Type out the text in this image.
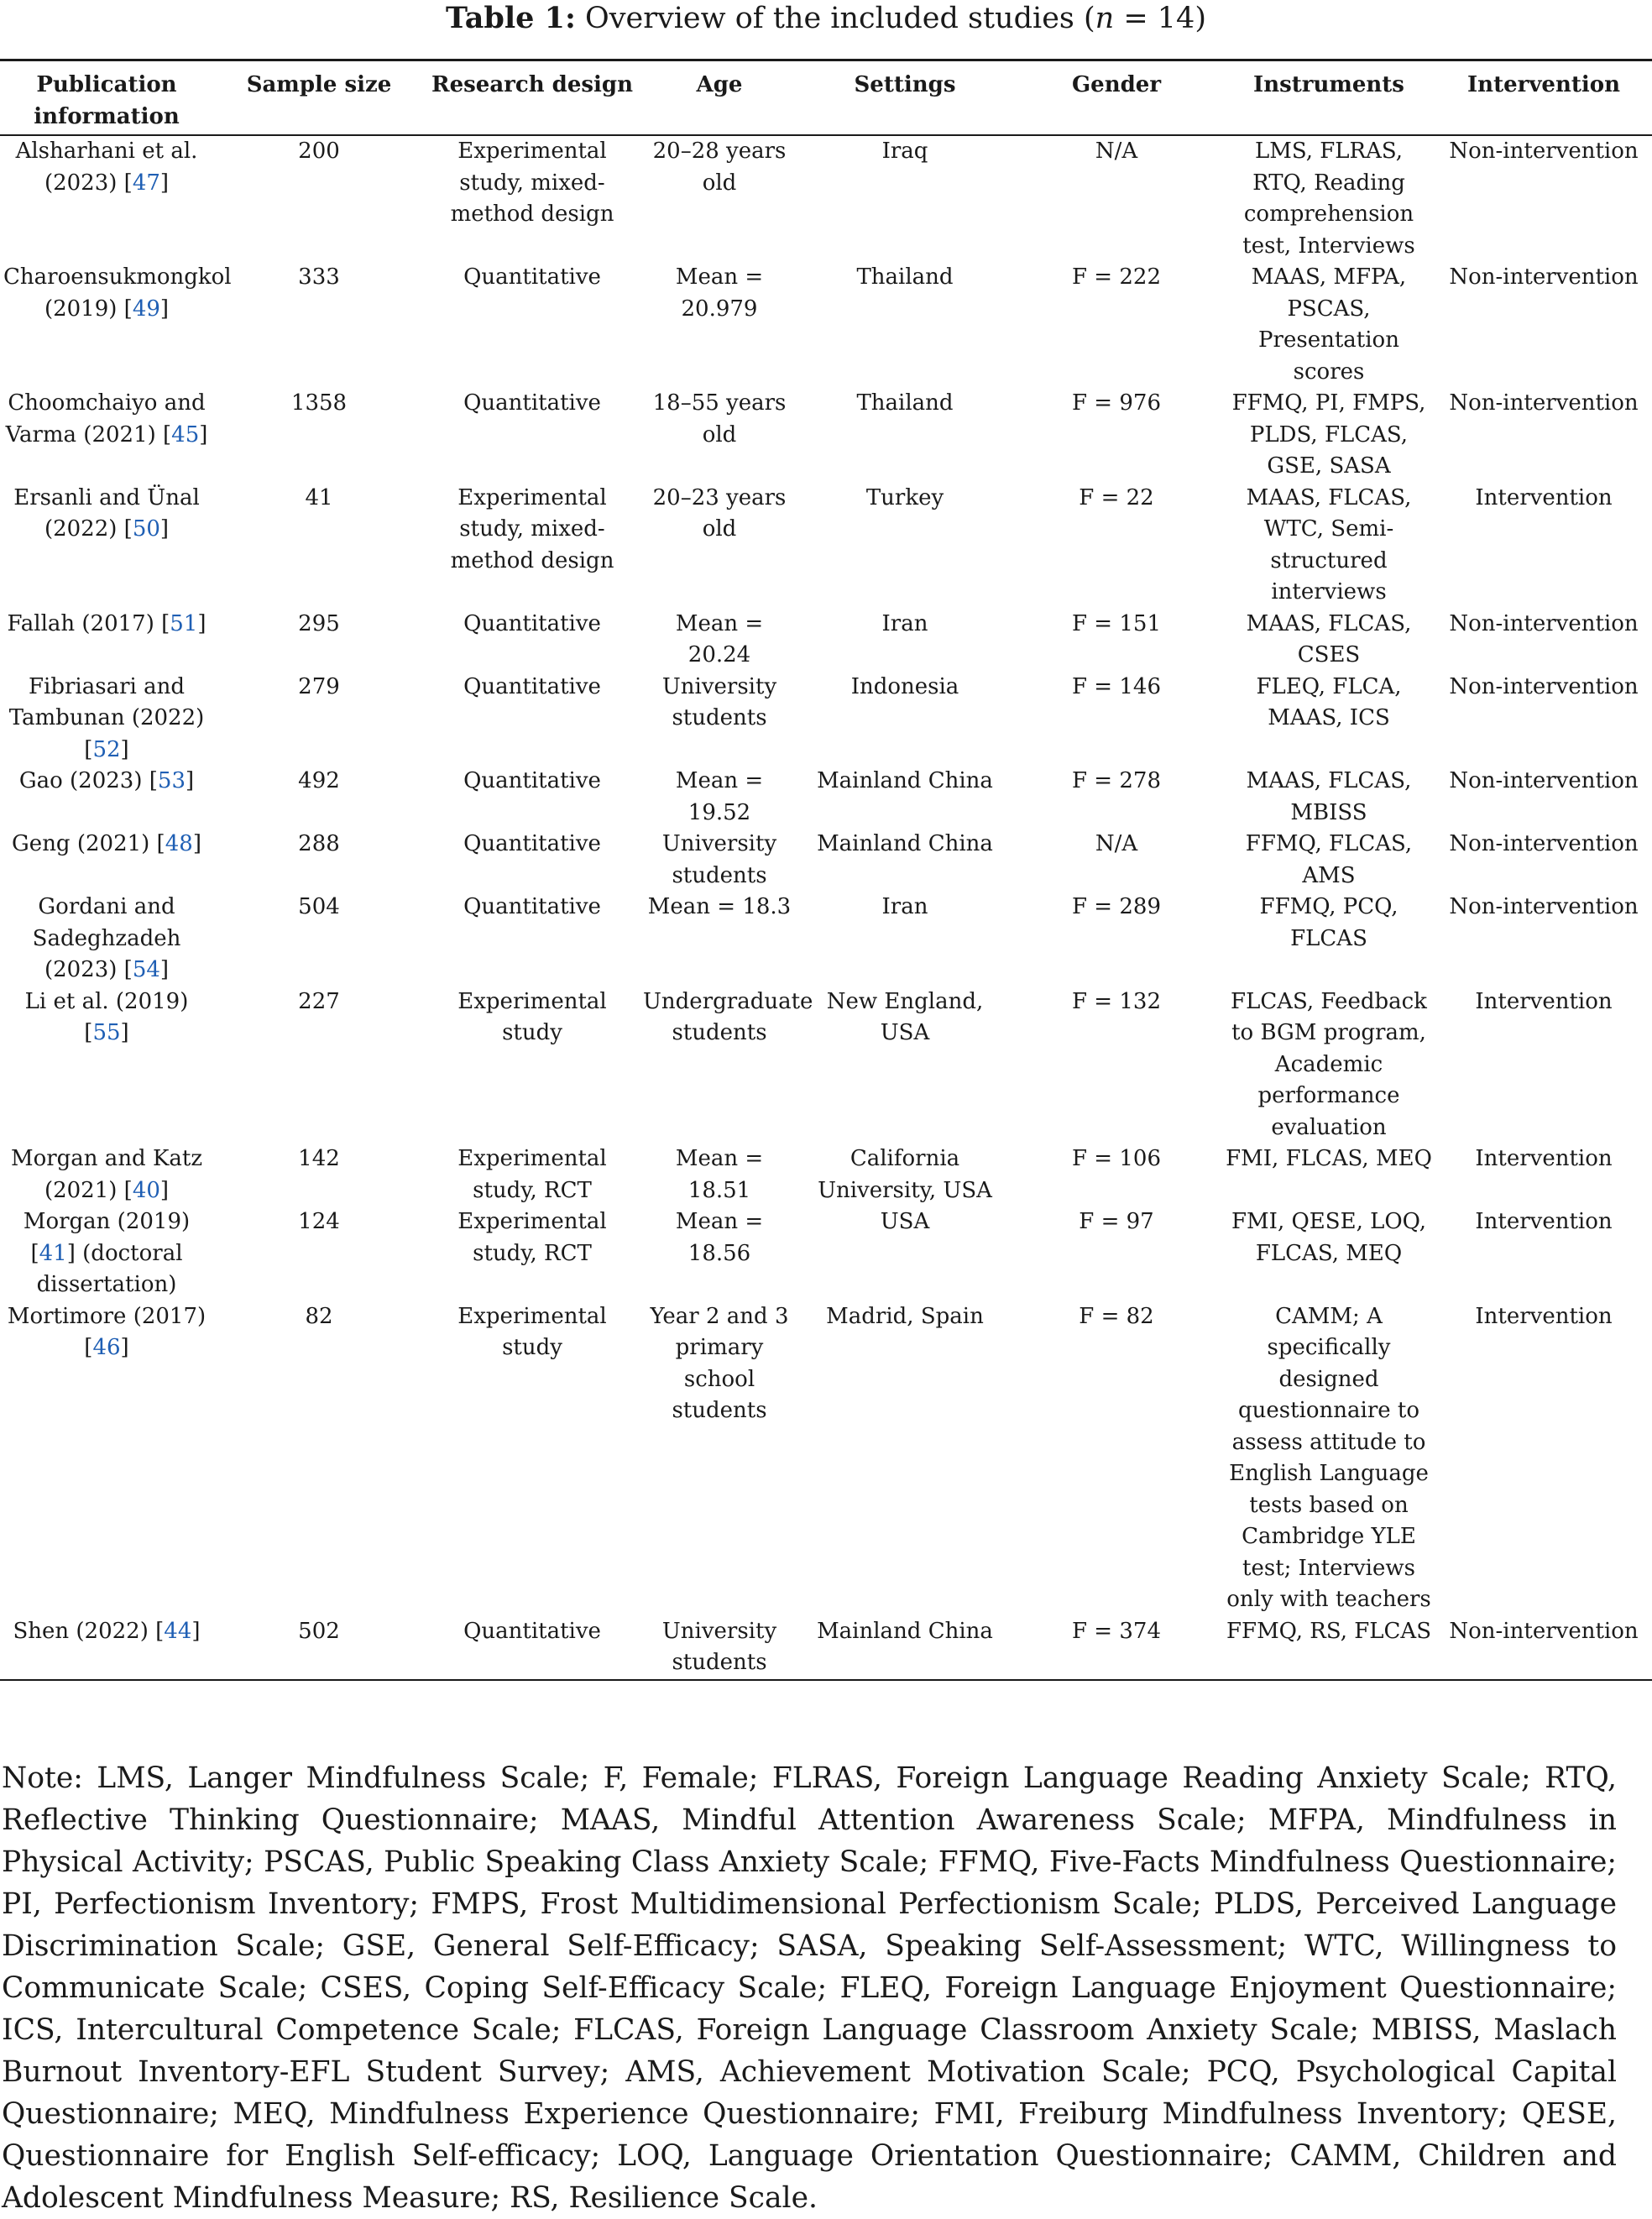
Table 1: Overview of the included studies (n = 14)
Publication information	Sample size	Research design	Age	Settings	Gender	Instruments	Intervention
Alsharhani et al. (2023) [47]	200	Experimental study, mixed-method design	20–28 years old	Iraq	N/A	LMS, FLRAS, RTQ, Reading comprehension test, Interviews	Non-intervention
Charoensukmongkol (2019) [49]	333	Quantitative	Mean = 20.979	Thailand	F = 222	MAAS, MFPA, PSCAS, Presentation scores	Non-intervention
Choomchaiyo and Varma (2021) [45]	1358	Quantitative	18–55 years old	Thailand	F = 976	FFMQ, PI, FMPS, PLDS, FLCAS, GSE, SASA	Non-intervention
Ersanli and Ünal (2022) [50]	41	Experimental study, mixed-method design	20–23 years old	Turkey	F = 22	MAAS, FLCAS, WTC, Semi-structured interviews	Intervention
Fallah (2017) [51]	295	Quantitative	Mean = 20.24	Iran	F = 151	MAAS, FLCAS, CSES	Non-intervention
Fibriasari and Tambunan (2022) [52]	279	Quantitative	University students	Indonesia	F = 146	FLEQ, FLCA, MAAS, ICS	Non-intervention
Gao (2023) [53]	492	Quantitative	Mean = 19.52	Mainland China	F = 278	MAAS, FLCAS, MBISS	Non-intervention
Geng (2021) [48]	288	Quantitative	University students	Mainland China	N/A	FFMQ, FLCAS, AMS	Non-intervention
Gordani and Sadeghzadeh (2023) [54]	504	Quantitative	Mean = 18.3	Iran	F = 289	FFMQ, PCQ, FLCAS	Non-intervention
Li et al. (2019) [55]	227	Experimental study	Undergraduate students	New England, USA	F = 132	FLCAS, Feedback to BGM program, Academic performance evaluation	Intervention
Morgan and Katz (2021) [40]	142	Experimental study, RCT	Mean = 18.51	California University, USA	F = 106	FMI, FLCAS, MEQ	Intervention
Morgan (2019) [41] (doctoral dissertation)	124	Experimental study, RCT	Mean = 18.56	USA	F = 97	FMI, QESE, LOQ, FLCAS, MEQ	Intervention
Mortimore (2017) [46]	82	Experimental study	Year 2 and 3 primary school students	Madrid, Spain	F = 82	CAMM; A specifically designed questionnaire to assess attitude to English Language tests based on Cambridge YLE test; Interviews only with teachers	Intervention
Shen (2022) [44]	502	Quantitative	University students	Mainland China	F = 374	FFMQ, RS, FLCAS	Non-intervention

Note: LMS, Langer Mindfulness Scale; F, Female; FLRAS, Foreign Language Reading Anxiety Scale; RTQ, Reflective Thinking Questionnaire; MAAS, Mindful Attention Awareness Scale; MFPA, Mindfulness in Physical Activity; PSCAS, Public Speaking Class Anxiety Scale; FFMQ, Five-Facts Mindfulness Questionnaire; PI, Perfectionism Inventory; FMPS, Frost Multidimensional Perfectionism Scale; PLDS, Perceived Language Discrimination Scale; GSE, General Self-Efficacy; SASA, Speaking Self-Assessment; WTC, Willingness to Communicate Scale; CSES, Coping Self-Efficacy Scale; FLEQ, Foreign Language Enjoyment Questionnaire; ICS, Intercultural Competence Scale; FLCAS, Foreign Language Classroom Anxiety Scale; MBISS, Maslach Burnout Inventory-EFL Student Survey; AMS, Achievement Motivation Scale; PCQ, Psychological Capital Questionnaire; MEQ, Mindfulness Experience Questionnaire; FMI, Freiburg Mindfulness Inventory; QESE, Questionnaire for English Self-efficacy; LOQ, Language Orientation Questionnaire; CAMM, Children and Adolescent Mindfulness Measure; RS, Resilience Scale.
